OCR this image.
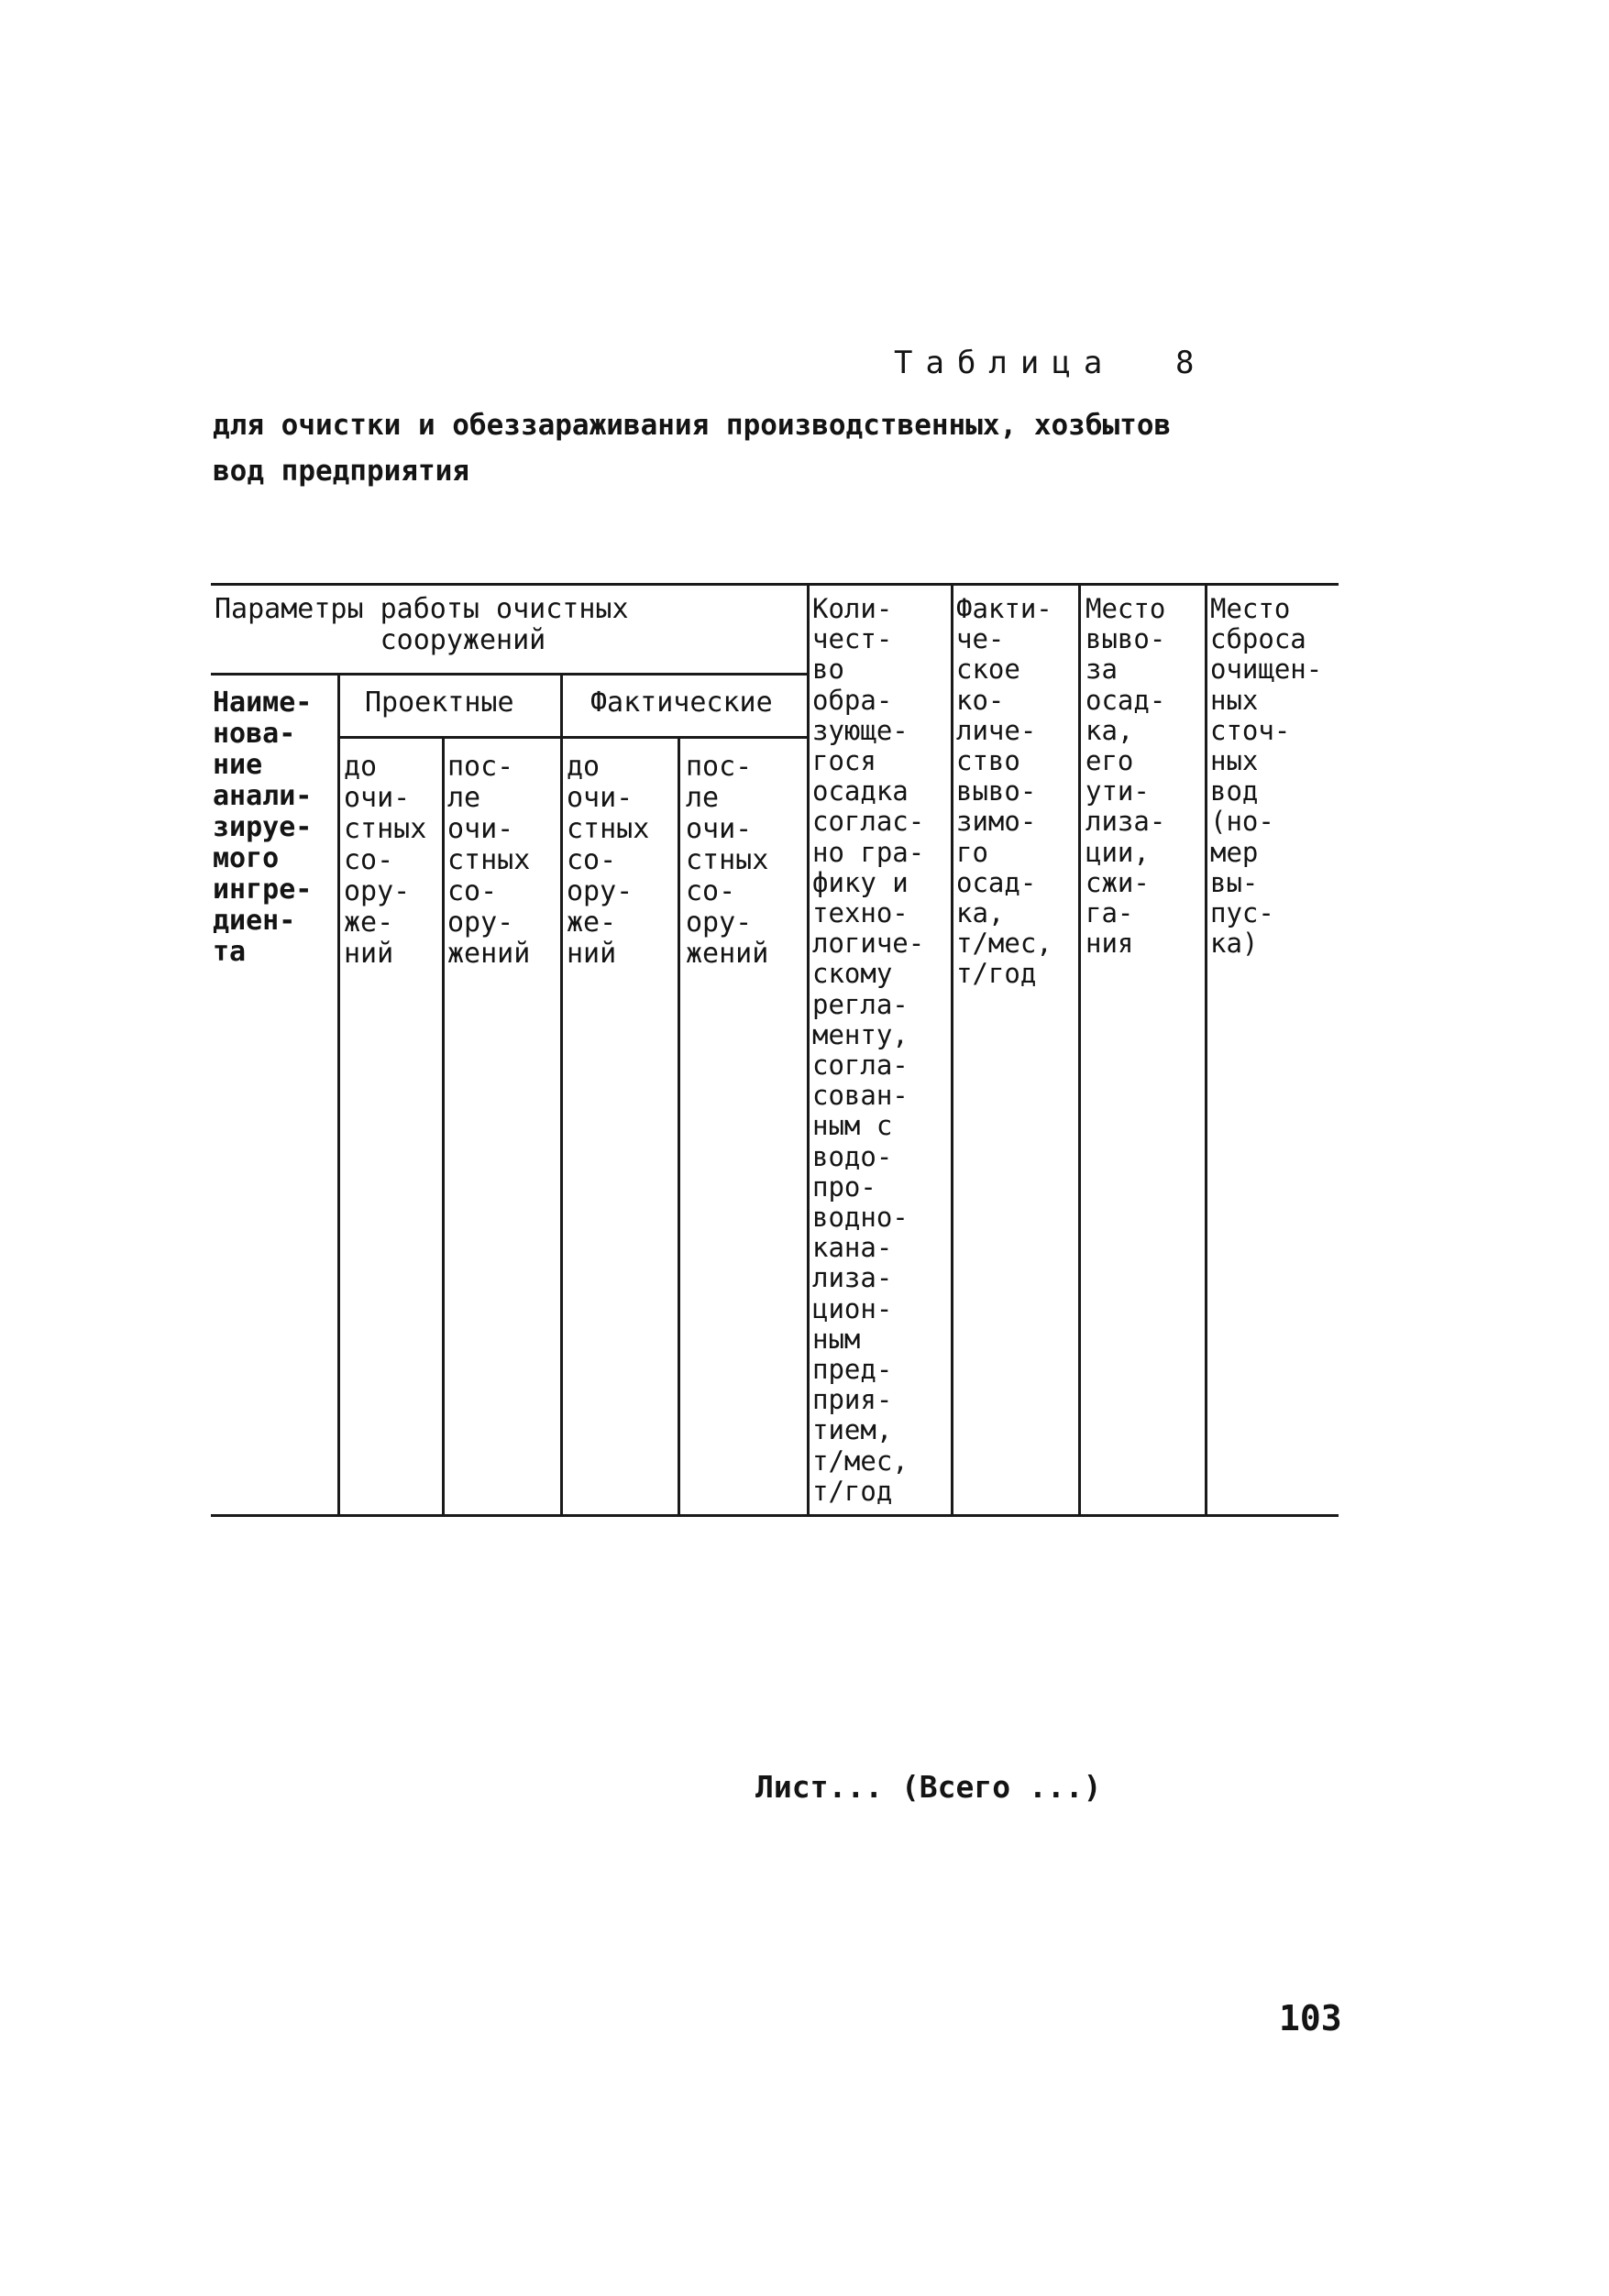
Таблица 8
для очистки и обеззараживания производственных, хозбытов
вод предприятия
Параметры работы очистных
сооружений
Наиме-
нова-
ние
анали-
зируе-
мого
ингре-
диен-
та
Проектные	Фактические
до
очи-
стных
со-
ору-
же-
ний
пос-
ле
очи-
стных
со-
ору-
жений
до
очи-
стных
со-
ору-
же-
ний
пос-
ле
очи-
стных
со-
ору-
жений
Коли-
чест-
во
обра-
зующе-
гося
осадка
соглас-
но гра-
фику и
техно-
логиче-
скому
регла-
менту,
согла-
сован-
ным с
водо-
про-
водно-
кана-
лиза-
цион-
ным
пред-
прия-
тием,
т/мес,
т/год
Факти-
че-
ское
ко-
личе-
ство
выво-
зимо-
го
осад-
ка,
т/мес,
т/год
Место
выво-
за
осад-
ка,
его
ути-
лиза-
ции,
сжи-
га-
ния
Место
сброса
очищен-
ных
сточ-
ных
вод
(но-
мер
вы-
пус-
ка)
Лист... (Всего ...)
103
